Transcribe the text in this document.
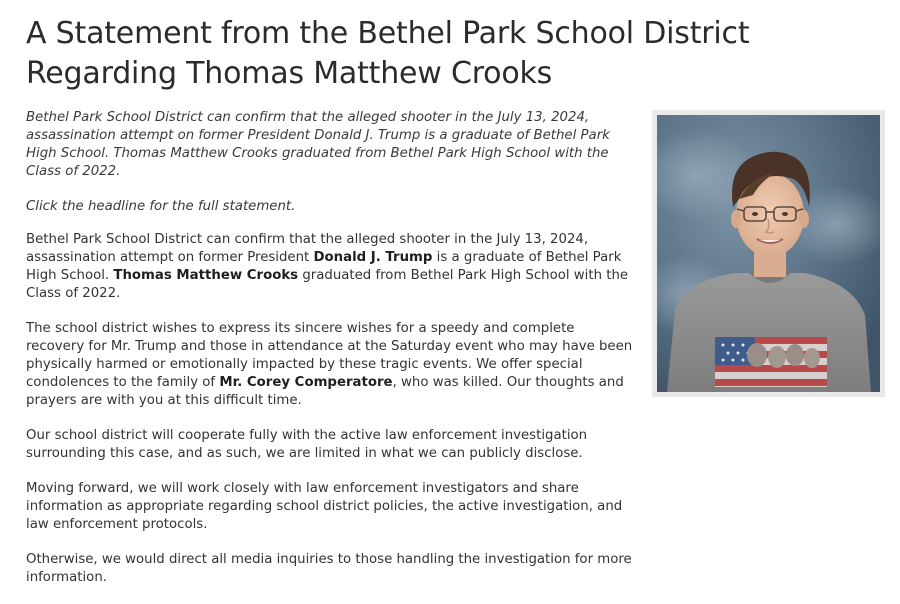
A Statement from the Bethel Park School District Regarding Thomas Matthew Crooks

Bethel Park School District can confirm that the alleged shooter in the July 13, 2024, assassination attempt on former President Donald J. Trump is a graduate of Bethel Park High School. Thomas Matthew Crooks graduated from Bethel Park High School with the Class of 2022.

Click the headline for the full statement.

Bethel Park School District can confirm that the alleged shooter in the July 13, 2024, assassination attempt on former President Donald J. Trump is a graduate of Bethel Park High School. Thomas Matthew Crooks graduated from Bethel Park High School with the Class of 2022.

The school district wishes to express its sincere wishes for a speedy and complete recovery for Mr. Trump and those in attendance at the Saturday event who may have been physically harmed or emotionally impacted by these tragic events. We offer special condolences to the family of Mr. Corey Comperatore, who was killed. Our thoughts and prayers are with you at this difficult time.

Our school district will cooperate fully with the active law enforcement investigation surrounding this case, and as such, we are limited in what we can publicly disclose.

Moving forward, we will work closely with law enforcement investigators and share information as appropriate regarding school district policies, the active investigation, and law enforcement protocols.

Otherwise, we would direct all media inquiries to those handling the investigation for more information.
